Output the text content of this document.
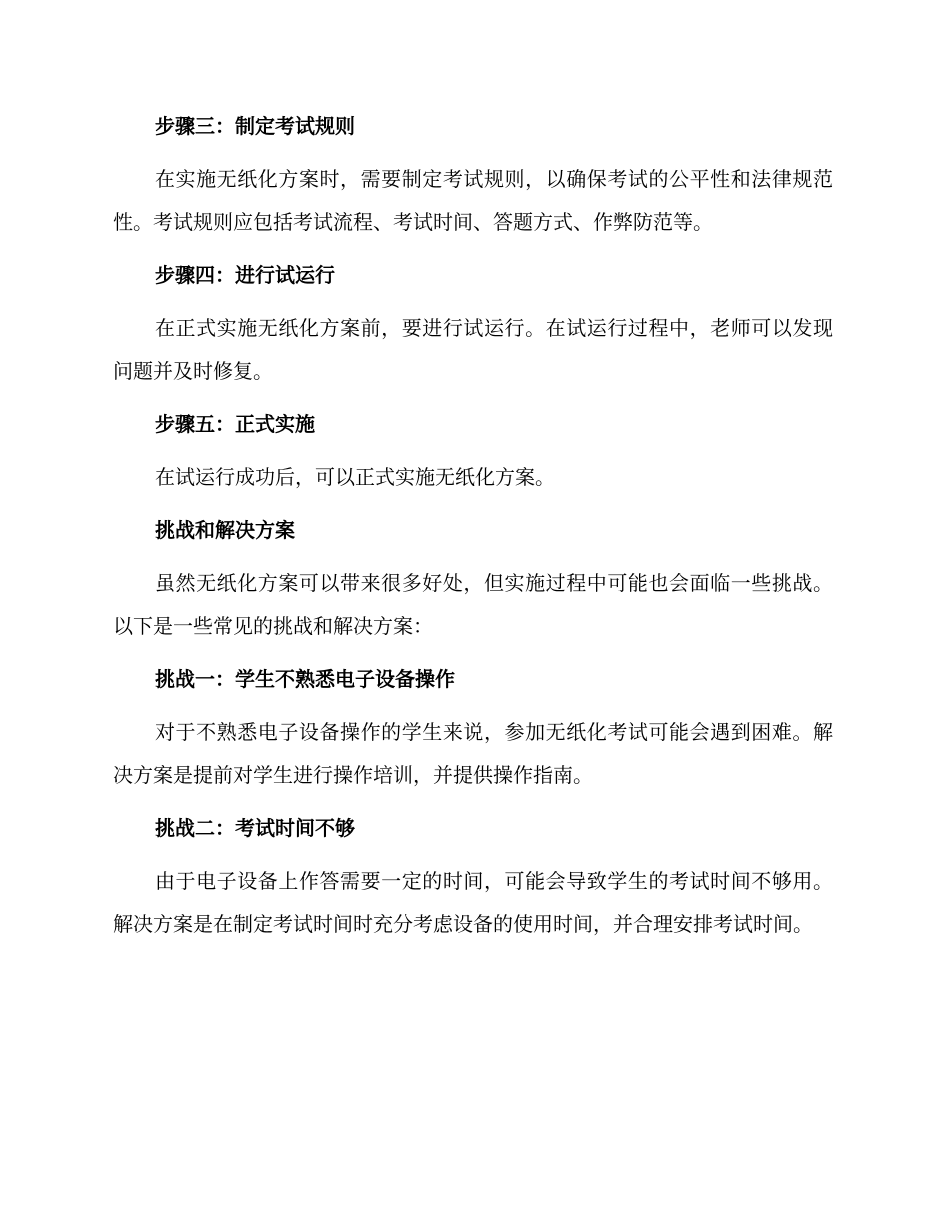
步骤三：制定考试规则

在实施无纸化方案时，需要制定考试规则，以确保考试的公平性和法律规范性。考试规则应包括考试流程、考试时间、答题方式、作弊防范等。

步骤四：进行试运行

在正式实施无纸化方案前，要进行试运行。在试运行过程中，老师可以发现问题并及时修复。

步骤五：正式实施

在试运行成功后，可以正式实施无纸化方案。

挑战和解决方案

虽然无纸化方案可以带来很多好处，但实施过程中可能也会面临一些挑战。以下是一些常见的挑战和解决方案：

挑战一：学生不熟悉电子设备操作

对于不熟悉电子设备操作的学生来说，参加无纸化考试可能会遇到困难。解决方案是提前对学生进行操作培训，并提供操作指南。

挑战二：考试时间不够

由于电子设备上作答需要一定的时间，可能会导致学生的考试时间不够用。解决方案是在制定考试时间时充分考虑设备的使用时间，并合理安排考试时间。
